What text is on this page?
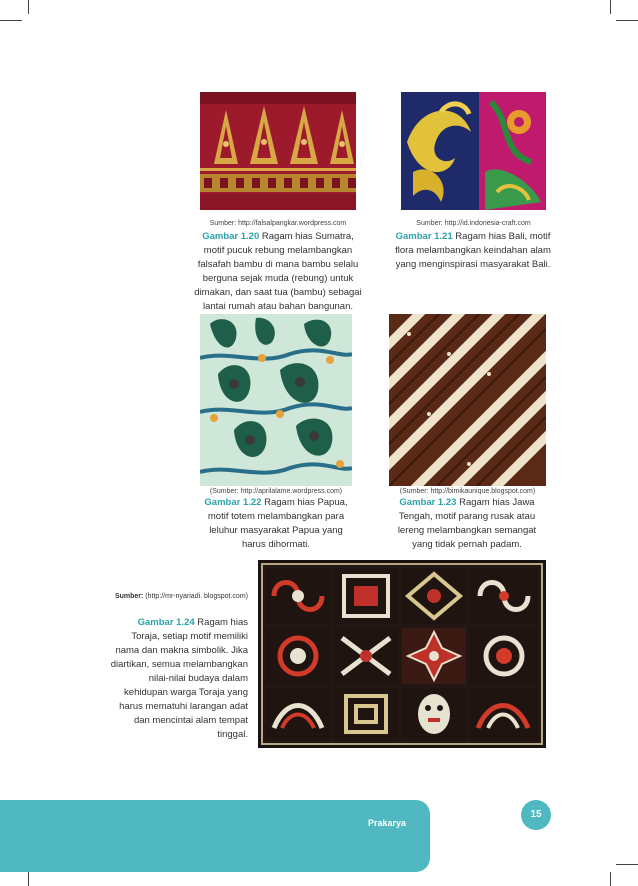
Sumber: http://falsalpangkar.wordpress.com
Gambar 1.20 Ragam hias Sumatra, motif pucuk rebung melambangkan falsafah bambu di mana bambu selalu berguna sejak muda (rebung) untuk dimakan, dan saat tua (bambu) sebagai lantai rumah atau bahan bangunan.
Sumber: http://id.indonesia-craft.com
Gambar 1.21 Ragam hias Bali, motif flora melambangkan keindahan alam yang menginspirasi masyarakat Bali.
(Sumber: http://aprilalame.wordpress.com)
Gambar 1.22 Ragam hias Papua, motif totem melambangkan para leluhur masyarakat Papua yang harus dihormati.
(Sumber: http://bimikaunique.blogspot.com)
Gambar 1.23 Ragam hias Jawa Tengah, motif parang rusak atau lereng melambangkan semangat yang tidak pernah padam.
Sumber: (http://mr-nyariadi. blogspot.com)
Gambar 1.24 Ragam hias Toraja, setiap motif memiliki nama dan makna simbolik. Jika diartikan, semua melambangkan nilai-nilai budaya dalam kehidupan warga Toraja yang harus mematuhi larangan adat dan mencintai alam tempat tinggal.
Prakarya
15
